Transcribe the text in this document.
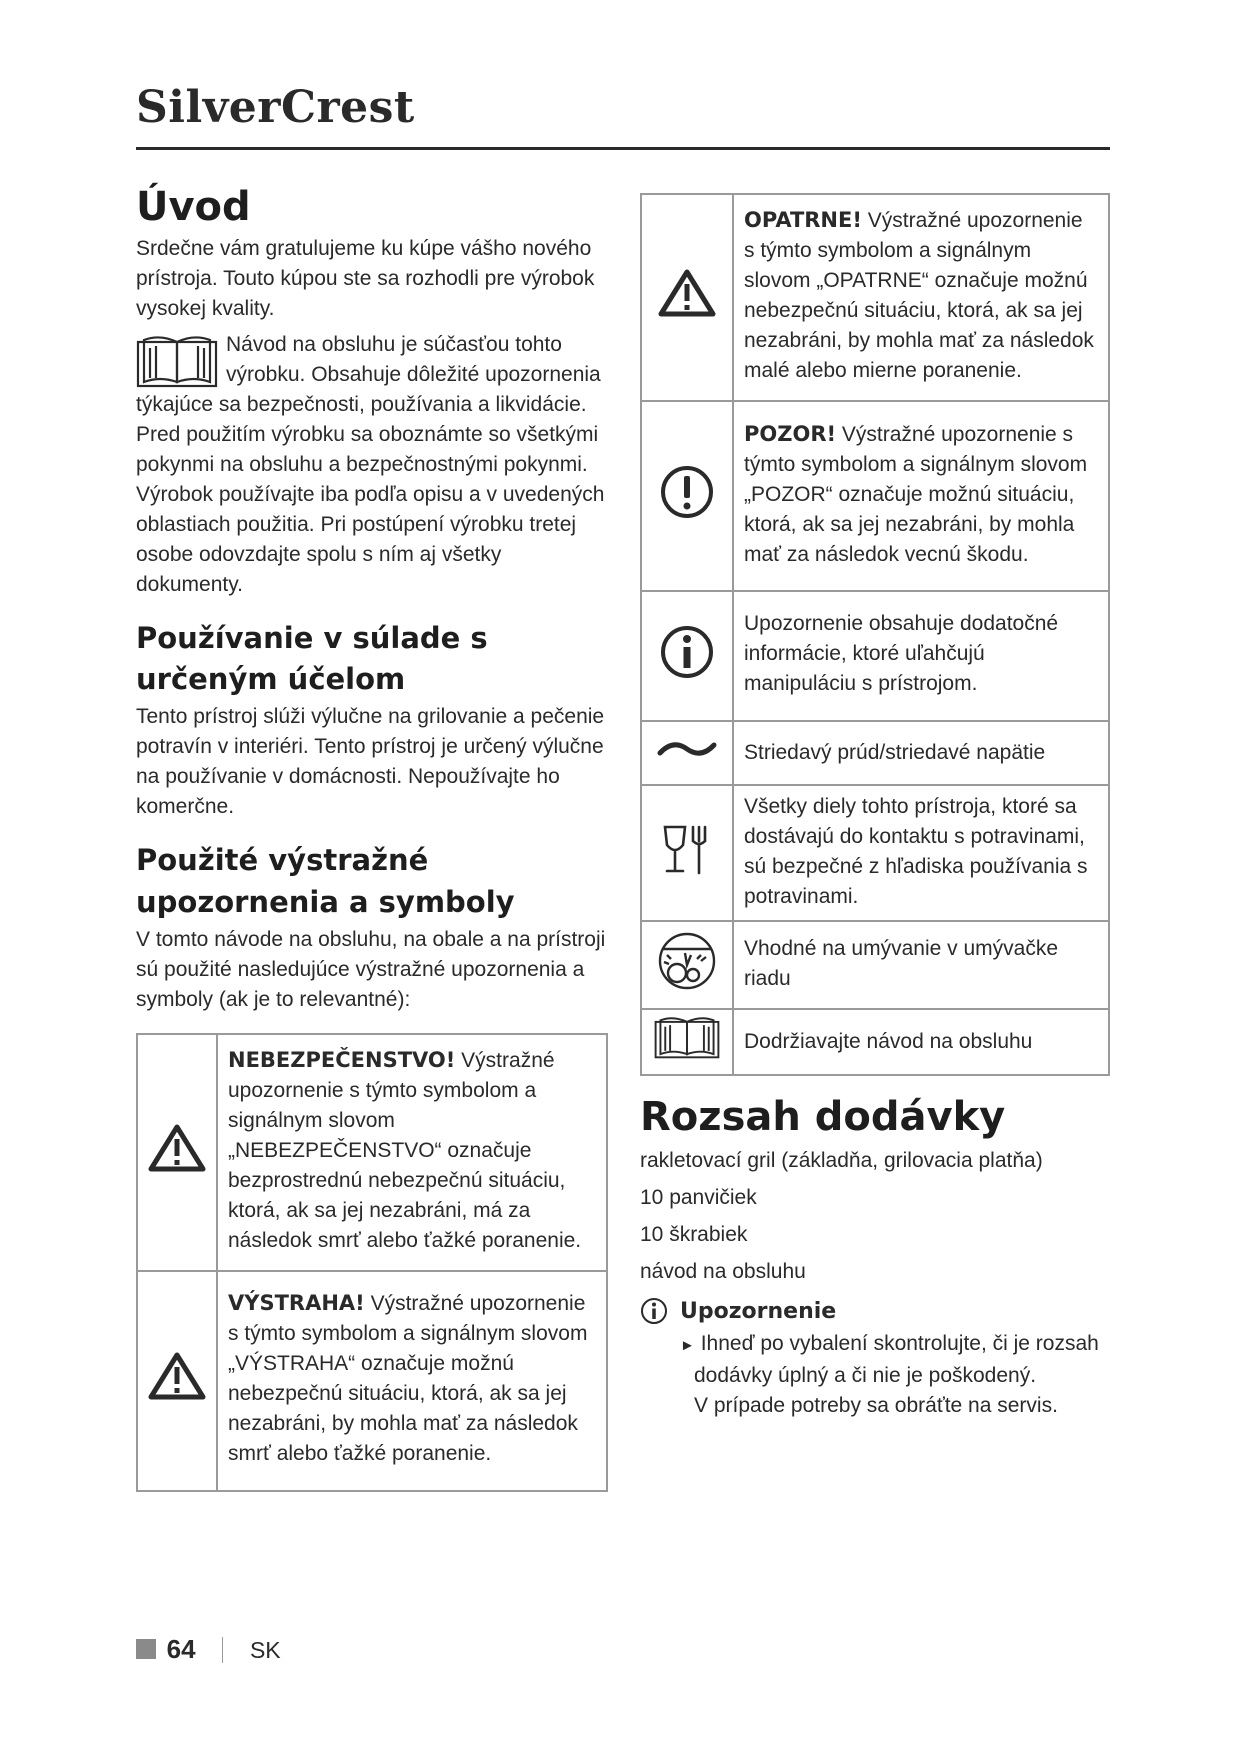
SilverCrest
Úvod

Srdečne vám gratulujeme ku kúpe vášho nového prístroja. Touto kúpou ste sa rozhodli pre výrobok vysokej kvality.

Návod na obsluhu je súčasťou tohto výrobku. Obsahuje dôležité upozornenia týkajúce sa bezpečnosti, používania a likvidácie. Pred použitím výrobku sa oboznámte so všetkými pokynmi na obsluhu a bezpečnostnými pokynmi. Výrobok používajte iba podľa opisu a v uvedených oblastiach použitia. Pri postúpení výrobku tretej osobe odovzdajte spolu s ním aj všetky dokumenty.

Používanie v súlade s určeným účelom

Tento prístroj slúži výlučne na grilovanie a pečenie potravín v interiéri. Tento prístroj je určený výlučne na používanie v domácnosti. Nepoužívajte ho komerčne.

Použité výstražné upozornenia a symboly

V tomto návode na obsluhu, na obale a na prístroji sú použité nasledujúce výstražné upozornenia a symboly (ak je to relevantné):

	NEBEZPEČENSTVO! Výstražné upozornenie s týmto symbolom a signálnym slovom „NEBEZPEČENSTVO“ označuje bezprostrednú nebezpečnú situáciu, ktorá, ak sa jej nezabráni, má za následok smrť alebo ťažké poranenie.
	VÝSTRAHA! Výstražné upozornenie s týmto symbolom a signálnym slovom „VÝSTRAHA“ označuje možnú nebezpečnú situáciu, ktorá, ak sa jej nezabráni, by mohla mať za následok smrť alebo ťažké poranenie.
	OPATRNE! Výstražné upozornenie s týmto symbolom a signálnym slovom „OPATRNE“ označuje možnú nebezpečnú situáciu, ktorá, ak sa jej nezabráni, by mohla mať za následok malé alebo mierne poranenie.
	POZOR! Výstražné upozornenie s týmto symbolom a signálnym slovom „POZOR“ označuje možnú situáciu, ktorá, ak sa jej nezabráni, by mohla mať za následok vecnú škodu.
	Upozornenie obsahuje dodatočné informácie, ktoré uľahčujú manipuláciu s prístrojom.
	Striedavý prúd/striedavé napätie
	Všetky diely tohto prístroja, ktoré sa dostávajú do kontaktu s potravinami, sú bezpečné z hľadiska používania s potravinami.
	Vhodné na umývanie v umývačke riadu
	Dodržiavajte návod na obsluhu
Rozsah dodávky
rakletovací gril (základňa, grilovacia platňa)
10 panvičiek
10 škrabiek
návod na obsluhu
Upozornenie

► Ihneď po vybalení skontrolujte, či je rozsah dodávky úplný a či nie je poškodený.

V prípade potreby sa obráťte na servis.

64 SK
